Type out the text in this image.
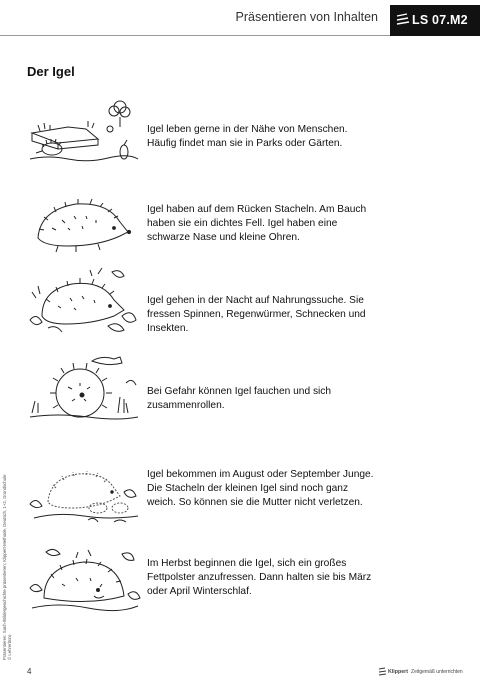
Präsentieren von Inhalten	LS 07.M2
Der Igel

Igel leben gerne in der Nähe von Menschen. Häufig findet man sie in Parks oder Gärten.

Igel haben auf dem Rücken Stacheln. Am Bauch haben sie ein dichtes Fell. Igel haben eine schwarze Nase und kleine Ohren.

Igel gehen in der Nacht auf Nahrungssuche. Sie fressen Spinnen, Regenwürmer, Schnecken und Insekten.

Bei Gefahr können Igel fauchen und sich zusammenrollen.

Igel bekommen im August oder September Junge. Die Stacheln der kleinen Igel sind noch ganz weich. So können sie die Mutter nicht verletzen.

Im Herbst beginnen die Igel, sich ein großes Fettpolster anzufressen. Dann halten sie bis März oder April Winterschlaf.

Präsentieren: Sach-/Bildergeschichte präsentieren; Klippert-Methode, Deutsch, 1+2, Grundschule © Lehrerbüro
4	Klippert Zeitgemäß unterrichten
